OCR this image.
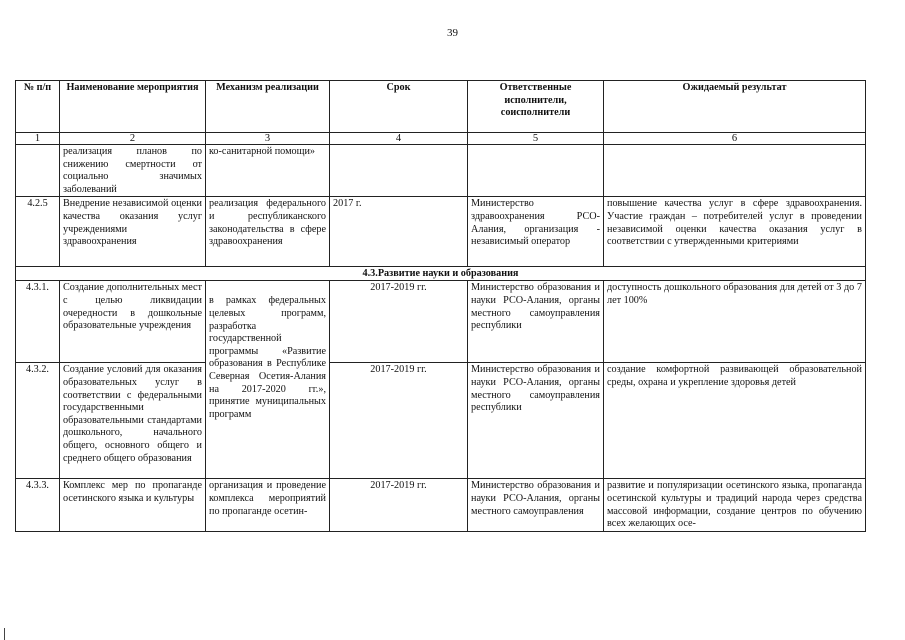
39
№ п/п	Наименование мероприятия	Механизм реализации	Срок	Ответственные исполнители, соисполнители	Ожидаемый результат
1	2	3	4	5	6
	реализация планов по снижению смертности от социально значимых заболеваний	ко-санитарной помощи»			
4.2.5	Внедрение независимой оценки качества оказания услуг учреждениями здравоохранения	реализация федерального и республиканского законодательства в сфере здравоохранения	2017 г.	Министерство здравоохранения РСО-Алания, организация - независимый оператор	повышение качества услуг в сфере здравоохранения. Участие граждан – потребителей услуг в проведении независимой оценки качества оказания услуг в соответствии с утвержденными критериями
4.3.Развитие науки и образования					
4.3.1.	Создание дополнительных мест с целью ликвидации очередности в дошкольные образовательные учреждения	в рамках федеральных целевых программ, разработка государственной программы «Развитие образования в Республике Северная Осетия-Алания на 2017-2020 гг.», принятие муниципальных программ	2017-2019 гг.	Министерство образования и науки РСО-Алания, органы местного самоуправления республики	доступность дошкольного образования для детей от 3 до 7 лет 100%
4.3.2.	Создание условий для оказания образовательных услуг в соответствии с федеральными государственными образовательными стандартами дошкольного, начального общего, основного общего и среднего общего образования		2017-2019 гг.	Министерство образования и науки РСО-Алания, органы местного самоуправления республики	создание комфортной развивающей образовательной среды, охрана и укрепление здоровья детей
4.3.3.	Комплекс мер по пропаганде осетинского языка и культуры	организация и проведение комплекса мероприятий по пропаганде осетин-	2017-2019 гг.	Министерство образования и науки РСО-Алания, органы местного самоуправления	развитие и популяризации осетинского языка, пропаганда осетинской культуры и традиций народа через средства массовой информации, создание центров по обучению всех желающих осе-
